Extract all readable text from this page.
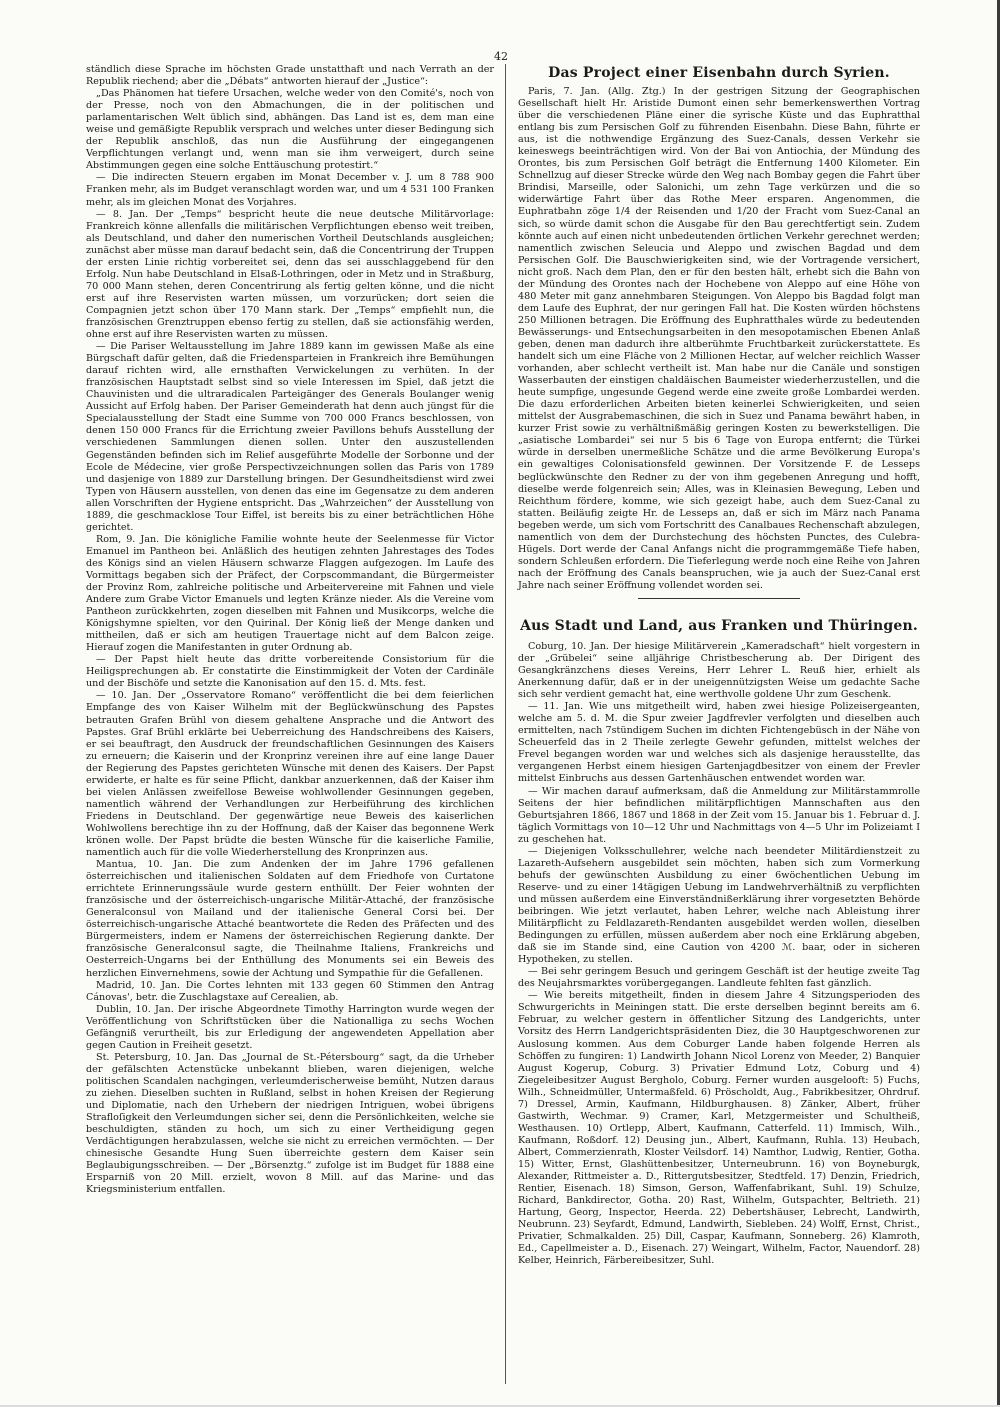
42

ständlich diese Sprache im höchsten Grade unstatthaft und nach Verrath an der Republik riechend; aber die „Débats“ antworten hierauf der „Justice“:

„Das Phänomen hat tiefere Ursachen, welche weder von den Comité's, noch von der Presse, noch von den Abmachungen, die in der politischen und parlamentarischen Welt üblich sind, abhängen. Das Land ist es, dem man eine weise und gemäßigte Republik versprach und welches unter dieser Bedingung sich der Republik anschloß, das nun die Ausführung der eingegangenen Verpflichtungen verlangt und, wenn man sie ihm verweigert, durch seine Abstimmungen gegen eine solche Enttäuschung protestirt.“

— Die indirecten Steuern ergaben im Monat December v. J. um 8 788 900 Franken mehr, als im Budget veranschlagt worden war, und um 4 531 100 Franken mehr, als im gleichen Monat des Vorjahres.

— 8. Jan. Der „Temps“ bespricht heute die neue deutsche Militärvorlage: Frankreich könne allenfalls die militärischen Verpflichtungen ebenso weit treiben, als Deutschland, und daher den numerischen Vortheil Deutschlands ausgleichen; zunächst aber müsse man darauf bedacht sein, daß die Concentrirung der Truppen der ersten Linie richtig vorbereitet sei, denn das sei ausschlaggebend für den Erfolg. Nun habe Deutschland in Elsaß-Lothringen, oder in Metz und in Straßburg, 70 000 Mann stehen, deren Concentrirung als fertig gelten könne, und die nicht erst auf ihre Reservisten warten müssen, um vorzurücken; dort seien die Compagnien jetzt schon über 170 Mann stark. Der „Temps“ empfiehlt nun, die französischen Grenztruppen ebenso fertig zu stellen, daß sie actionsfähig werden, ohne erst auf ihre Reservisten warten zu müssen.

— Die Pariser Weltausstellung im Jahre 1889 kann im gewissen Maße als eine Bürgschaft dafür gelten, daß die Friedensparteien in Frankreich ihre Bemühungen darauf richten wird, alle ernsthaften Verwickelungen zu verhüten. In der französischen Hauptstadt selbst sind so viele Interessen im Spiel, daß jetzt die Chauvinisten und die ultraradicalen Parteigänger des Generals Boulanger wenig Aussicht auf Erfolg haben. Der Pariser Gemeinderath hat denn auch jüngst für die Specialausstellung der Stadt eine Summe von 700 000 Francs beschlossen, von denen 150 000 Francs für die Errichtung zweier Pavillons behufs Ausstellung der verschiedenen Sammlungen dienen sollen. Unter den auszustellenden Gegenständen befinden sich im Relief ausgeführte Modelle der Sorbonne und der Ecole de Médecine, vier große Perspectivzeichnungen sollen das Paris von 1789 und dasjenige von 1889 zur Darstellung bringen. Der Gesundheitsdienst wird zwei Typen von Häusern ausstellen, von denen das eine im Gegensatze zu dem anderen allen Vorschriften der Hygiene entspricht. Das „Wahrzeichen“ der Ausstellung von 1889, die geschmacklose Tour Eiffel, ist bereits bis zu einer beträchtlichen Höhe gerichtet.

Rom, 9. Jan. Die königliche Familie wohnte heute der Seelenmesse für Victor Emanuel im Pantheon bei. Anläßlich des heutigen zehnten Jahrestages des Todes des Königs sind an vielen Häusern schwarze Flaggen aufgezogen. Im Laufe des Vormittags begaben sich der Präfect, der Corpscommandant, die Bürgermeister der Provinz Rom, zahlreiche politische und Arbeitervereine mit Fahnen und viele Andere zum Grabe Victor Emanuels und legten Kränze nieder. Als die Vereine vom Pantheon zurückkehrten, zogen dieselben mit Fahnen und Musikcorps, welche die Königshymne spielten, vor den Quirinal. Der König ließ der Menge danken und mittheilen, daß er sich am heutigen Trauertage nicht auf dem Balcon zeige. Hierauf zogen die Manifestanten in guter Ordnung ab.

— Der Papst hielt heute das dritte vorbereitende Consistorium für die Heiligsprechungen ab. Er constatirte die Einstimmigkeit der Voten der Cardinäle und der Bischöfe und setzte die Kanonisation auf den 15. d. Mts. fest.

— 10. Jan. Der „Osservatore Romano“ veröffentlicht die bei dem feierlichen Empfange des von Kaiser Wilhelm mit der Beglückwünschung des Papstes betrauten Grafen Brühl von diesem gehaltene Ansprache und die Antwort des Papstes. Graf Brühl erklärte bei Ueberreichung des Handschreibens des Kaisers, er sei beauftragt, den Ausdruck der freundschaftlichen Gesinnungen des Kaisers zu erneuern; die Kaiserin und der Kronprinz vereinen ihre auf eine lange Dauer der Regierung des Papstes gerichteten Wünsche mit denen des Kaisers. Der Papst erwiderte, er halte es für seine Pflicht, dankbar anzuerkennen, daß der Kaiser ihm bei vielen Anlässen zweifellose Beweise wohlwollender Gesinnungen gegeben, namentlich während der Verhandlungen zur Herbeiführung des kirchlichen Friedens in Deutschland. Der gegenwärtige neue Beweis des kaiserlichen Wohlwollens berechtige ihn zu der Hoffnung, daß der Kaiser das begonnene Werk krönen wolle. Der Papst brüdte die besten Wünsche für die kaiserliche Familie, namentlich auch für die volle Wiederherstellung des Kronprinzen aus.

Mantua, 10. Jan. Die zum Andenken der im Jahre 1796 gefallenen österreichischen und italienischen Soldaten auf dem Friedhofe von Curtatone errichtete Erinnerungssäule wurde gestern enthüllt. Der Feier wohnten der französische und der österreichisch-ungarische Militär-Attaché, der französische Generalconsul von Mailand und der italienische General Corsi bei. Der österreichisch-ungarische Attaché beantwortete die Reden des Präfecten und des Bürgermeisters, indem er Namens der österreichischen Regierung dankte. Der französische Generalconsul sagte, die Theilnahme Italiens, Frankreichs und Oesterreich-Ungarns bei der Enthüllung des Monuments sei ein Beweis des herzlichen Einvernehmens, sowie der Achtung und Sympathie für die Gefallenen.

Madrid, 10. Jan. Die Cortes lehnten mit 133 gegen 60 Stimmen den Antrag Cánovas', betr. die Zuschlagstaxe auf Cerealien, ab.

Dublin, 10. Jan. Der irische Abgeordnete Timothy Harrington wurde wegen der Veröffentlichung von Schriftstücken über die Nationalliga zu sechs Wochen Gefängniß verurtheilt, bis zur Erledigung der angewendeten Appellation aber gegen Caution in Freiheit gesetzt.

St. Petersburg, 10. Jan. Das „Journal de St.-Pétersbourg“ sagt, da die Urheber der gefälschten Actenstücke unbekannt blieben, waren diejenigen, welche politischen Scandalen nachgingen, verleumderischerweise bemüht, Nutzen daraus zu ziehen. Dieselben suchten in Rußland, selbst in hohen Kreisen der Regierung und Diplomatie, nach den Urhebern der niedrigen Intriguen, wobei übrigens Strafloſigkeit den Verleumdungen sicher sei, denn die Persönlichkeiten, welche sie beschuldigten, ständen zu hoch, um sich zu einer Vertheidigung gegen Verdächtigungen herabzulassen, welche sie nicht zu erreichen vermöchten. — Der chinesische Gesandte Hung Suen überreichte gestern dem Kaiser sein Beglaubigungsschreiben. — Der „Börsenztg.“ zufolge ist im Budget für 1888 eine Ersparniß von 20 Mill. erzielt, wovon 8 Mill. auf das Marine- und das Kriegsministerium entfallen.

Das Project einer Eisenbahn durch Syrien.

Paris, 7. Jan. (Allg. Ztg.) In der gestrigen Sitzung der Geographischen Gesellschaft hielt Hr. Aristide Dumont einen sehr bemerkenswerthen Vortrag über die verschiedenen Pläne einer die syrische Küste und das Euphratthal entlang bis zum Persischen Golf zu führenden Eisenbahn. Diese Bahn, führte er aus, ist die nothwendige Ergänzung des Suez-Canals, dessen Verkehr sie keineswegs beeinträchtigen wird. Von der Bai von Antiochia, der Mündung des Orontes, bis zum Persischen Golf beträgt die Entfernung 1400 Kilometer. Ein Schnellzug auf dieser Strecke würde den Weg nach Bombay gegen die Fahrt über Brindisi, Marseille, oder Salonichi, um zehn Tage verkürzen und die so widerwärtige Fahrt über das Rothe Meer ersparen. Angenommen, die Euphratbahn zöge 1/4 der Reisenden und 1/20 der Fracht vom Suez-Canal an sich, so würde damit schon die Ausgabe für den Bau gerechtfertigt sein. Zudem könnte auch auf einen nicht unbedeutenden örtlichen Verkehr gerechnet werden; namentlich zwischen Seleucia und Aleppo und zwischen Bagdad und dem Persischen Golf. Die Bauschwierigkeiten sind, wie der Vortragende versichert, nicht groß. Nach dem Plan, den er für den besten hält, erhebt sich die Bahn von der Mündung des Orontes nach der Hochebene von Aleppo auf eine Höhe von 480 Meter mit ganz annehmbaren Steigungen. Von Aleppo bis Bagdad folgt man dem Laufe des Euphrat, der nur geringen Fall hat. Die Kosten würden höchstens 250 Millionen betragen. Die Eröffnung des Euphratthales würde zu bedeutenden Bewässerungs- und Entsechungsarbeiten in den mesopotamischen Ebenen Anlaß geben, denen man dadurch ihre altberühmte Fruchtbarkeit zurückerstattete. Es handelt sich um eine Fläche von 2 Millionen Hectar, auf welcher reichlich Wasser vorhanden, aber schlecht vertheilt ist. Man habe nur die Canäle und sonstigen Wasserbauten der einstigen chaldäischen Baumeister wiederherzustellen, und die heute sumpfige, ungesunde Gegend werde eine zweite große Lombardei werden. Die dazu erforderlichen Arbeiten bieten keinerlei Schwierigkeiten, und seien mittelst der Ausgrabemaschinen, die sich in Suez und Panama bewährt haben, in kurzer Frist sowie zu verhältnißmäßig geringen Kosten zu bewerkstelligen. Die „asiatische Lombardei“ sei nur 5 bis 6 Tage von Europa entfernt; die Türkei würde in derselben unermeßliche Schätze und die arme Bevölkerung Europa's ein gewaltiges Colonisationsfeld gewinnen. Der Vorsitzende F. de Lesseps beglückwünschte den Redner zu der von ihm gegebenen Anregung und hofft, dieselbe werde folgenreich sein; Alles, was in Kleinasien Bewegung, Leben und Reichthum fördere, komme, wie sich gezeigt habe, auch dem Suez-Canal zu statten. Beiläufig zeigte Hr. de Lesseps an, daß er sich im März nach Panama begeben werde, um sich vom Fortschritt des Canalbaues Rechenschaft abzulegen, namentlich von dem der Durchstechung des höchsten Punctes, des Culebra-Hügels. Dort werde der Canal Anfangs nicht die programmgemäße Tiefe haben, sondern Schleußen erfordern. Die Tieferlegung werde noch eine Reihe von Jahren nach der Eröffnung des Canals beanspruchen, wie ja auch der Suez-Canal erst Jahre nach seiner Eröffnung vollendet worden sei.

Aus Stadt und Land, aus Franken und Thüringen.

Coburg, 10. Jan. Der hiesige Militärverein „Kameradschaft“ hielt vorgestern in der „Grübelei“ seine alljährige Christbescherung ab. Der Dirigent des Gesangkränzchens dieses Vereins, Herr Lehrer L. Reuß hier, erhielt als Anerkennung dafür, daß er in der uneigennützigsten Weise um gedachte Sache sich sehr verdient gemacht hat, eine werthvolle goldene Uhr zum Geschenk.

— 11. Jan. Wie uns mitgetheilt wird, haben zwei hiesige Polizeisergeanten, welche am 5. d. M. die Spur zweier Jagdfrevler verfolgten und dieselben auch ermittelten, nach 7stündigem Suchen im dichten Fichtengebüsch in der Nähe von Scheuerfeld das in 2 Theile zerlegte Gewehr gefunden, mittelst welches der Frevel begangen worden war und welches sich als dasjenige herausstellte, das vergangenen Herbst einem hiesigen Gartenjagdbesitzer von einem der Frevler mittelst Einbruchs aus dessen Gartenhäuschen entwendet worden war.

— Wir machen darauf aufmerksam, daß die Anmeldung zur Militärstammrolle Seitens der hier befindlichen militärpflichtigen Mannschaften aus den Geburtsjahren 1866, 1867 und 1868 in der Zeit vom 15. Januar bis 1. Februar d. J. täglich Vormittags von 10—12 Uhr und Nachmittags von 4—5 Uhr im Polizeiamt I zu geschehen hat.

— Diejenigen Volksschullehrer, welche nach beendeter Militärdienstzeit zu Lazareth-Aufsehern ausgebildet sein möchten, haben sich zum Vormerkung behufs der gewünschten Ausbildung zu einer 6wöchentlichen Uebung im Reserve- und zu einer 14tägigen Uebung im Landwehrverhältniß zu verpflichten und müssen außerdem eine Einverständnißerklärung ihrer vorgesetzten Behörde beibringen. Wie jetzt verlautet, haben Lehrer, welche nach Ableistung ihrer Militärpflicht zu Feldlazareth-Rendanten ausgebildet werden wollen, dieselben Bedingungen zu erfüllen, müssen außerdem aber noch eine Erklärung abgeben, daß sie im Stande sind, eine Caution von 4200 ℳ. baar, oder in sicheren Hypotheken, zu stellen.

— Bei sehr geringem Besuch und geringem Geschäft ist der heutige zweite Tag des Neujahrsmarktes vorübergegangen. Landleute fehlten fast gänzlich.

— Wie bereits mitgetheilt, finden in diesem Jahre 4 Sitzungsperioden des Schwurgerichts in Meiningen statt. Die erste derselben beginnt bereits am 6. Februar, zu welcher gestern in öffentlicher Sitzung des Landgerichts, unter Vorsitz des Herrn Landgerichtspräsidenten Diez, die 30 Hauptgeschworenen zur Auslosung kommen. Aus dem Coburger Lande haben folgende Herren als Schöffen zu fungiren: 1) Landwirth Johann Nicol Lorenz von Meeder, 2) Banquier August Kogerup, Coburg. 3) Privatier Edmund Lotz, Coburg und 4) Ziegeleibesitzer August Bergholo, Coburg. Ferner wurden ausgelooft: 5) Fuchs, Wilh., Schneidmüller, Untermaßfeld. 6) Pröscholdt, Aug., Fabrikbesitzer, Ohrdruf. 7) Dressel, Armin, Kaufmann, Hildburghausen. 8) Zänker, Albert, früher Gastwirth, Wechmar. 9) Cramer, Karl, Metzgermeister und Schultheiß, Westhausen. 10) Ortlepp, Albert, Kaufmann, Catterfeld. 11) Immisch, Wilh., Kaufmann, Roßdorf. 12) Deusing jun., Albert, Kaufmann, Ruhla. 13) Heubach, Albert, Commerzienrath, Kloster Veilsdorf. 14) Namthor, Ludwig, Rentier, Gotha. 15) Witter, Ernst, Glashüttenbesitzer, Unterneubrunn. 16) von Boyneburgk, Alexander, Rittmeister a. D., Rittergutsbesitzer, Stedtfeld. 17) Denzin, Friedrich, Rentier, Eisenach. 18) Simson, Gerson, Waffenfabrikant, Suhl. 19) Schulze, Richard, Bankdirector, Gotha. 20) Rast, Wilhelm, Gutspachter, Beltrieth. 21) Hartung, Georg, Inspector, Heerda. 22) Debertshäuser, Lebrecht, Landwirth, Neubrunn. 23) Seyfardt, Edmund, Landwirth, Siebleben. 24) Wolff, Ernst, Christ., Privatier, Schmalkalden. 25) Dill, Caspar, Kaufmann, Sonneberg. 26) Klamroth, Ed., Capellmeister a. D., Eisenach. 27) Weingart, Wilhelm, Factor, Nauendorf. 28) Kelber, Heinrich, Färbereibesitzer, Suhl.
